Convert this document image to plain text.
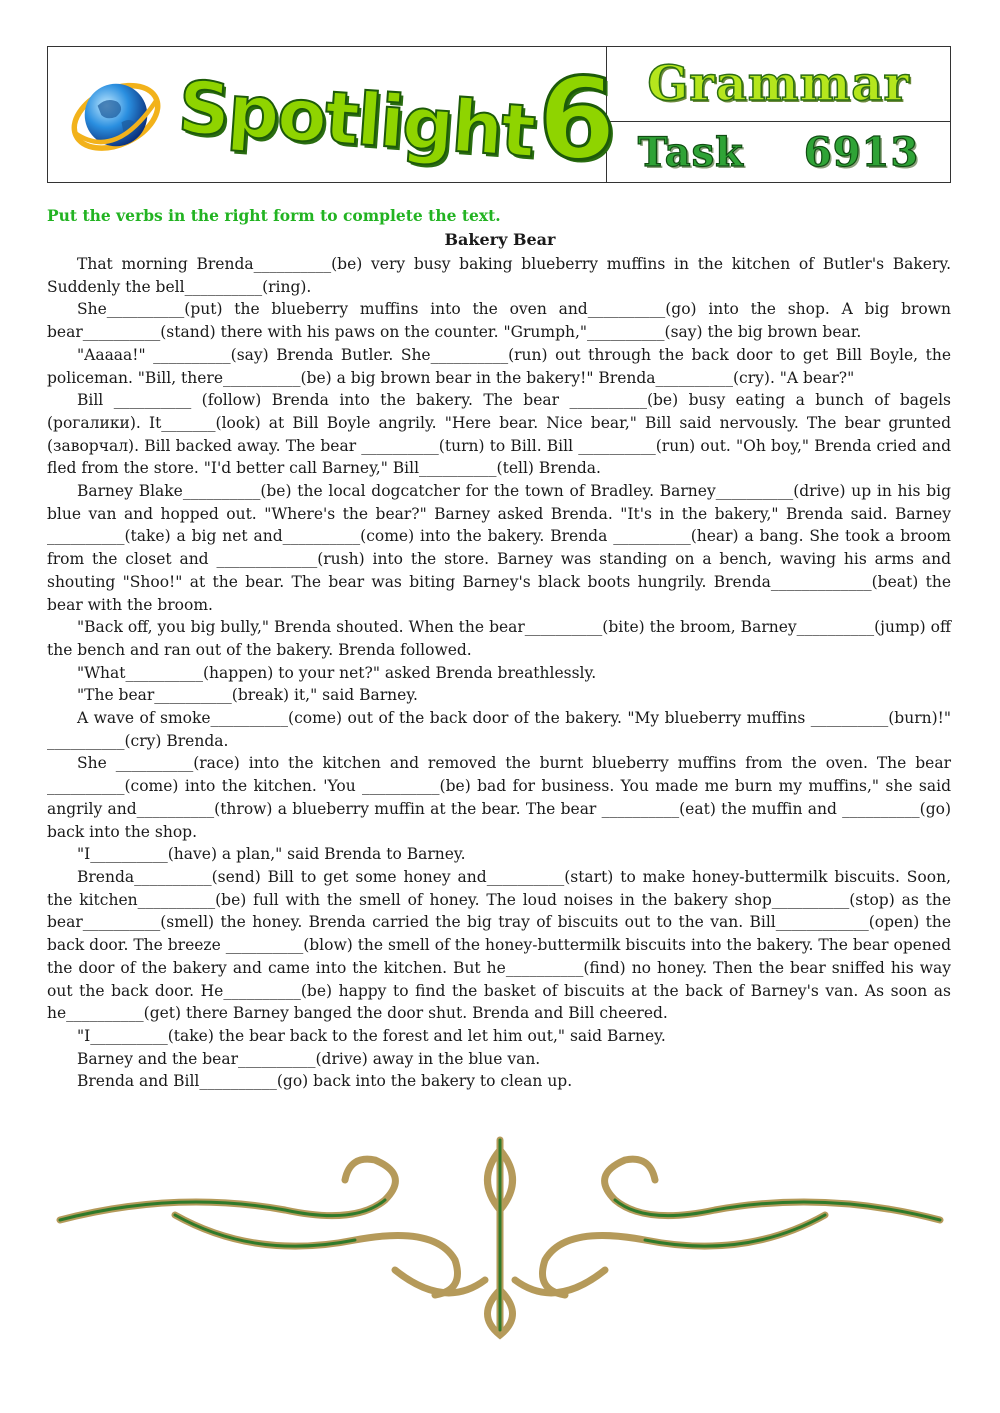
Spotlight 6 Grammar
Task 6913
Put the verbs in the right form to complete the text.
Bakery Bear

That morning Brenda__________(be) very busy baking blueberry muffins in the kitchen of Butler's Bakery. Suddenly the bell__________(ring).

She__________(put) the blueberry muffins into the oven and__________(go) into the shop. A big brown bear__________(stand) there with his paws on the counter. "Grumph,"__________(say) the big brown bear.

"Aaaaa!" __________(say) Brenda Butler. She__________(run) out through the back door to get Bill Boyle, the policeman. "Bill, there__________(be) a big brown bear in the bakery!" Brenda__________(cry). "A bear?"

Bill __________ (follow) Brenda into the bakery. The bear __________(be) busy eating a bunch of bagels (рогалики). It_______(look) at Bill Boyle angrily. "Here bear. Nice bear," Bill said nervously. The bear grunted (заворчал). Bill backed away. The bear __________(turn) to Bill. Bill __________(run) out. "Oh boy," Brenda cried and fled from the store. "I'd better call Barney," Bill__________(tell) Brenda.

Barney Blake__________(be) the local dogcatcher for the town of Bradley. Barney__________(drive) up in his big blue van and hopped out. "Where's the bear?" Barney asked Brenda. "It's in the bakery," Brenda said. Barney __________(take) a big net and__________(come) into the bakery. Brenda __________(hear) a bang. She took a broom from the closet and _____________(rush) into the store. Barney was standing on a bench, waving his arms and shouting "Shoo!" at the bear. The bear was biting Barney's black boots hungrily. Brenda_____________(beat) the bear with the broom.

"Back off, you big bully," Brenda shouted. When the bear__________(bite) the broom, Barney__________(jump) off the bench and ran out of the bakery. Brenda followed.

"What__________(happen) to your net?" asked Brenda breathlessly.

"The bear__________(break) it," said Barney.

A wave of smoke__________(come) out of the back door of the bakery. "My blueberry muffins __________(burn)!" __________(cry) Brenda.

She __________(race) into the kitchen and removed the burnt blueberry muffins from the oven. The bear __________(come) into the kitchen. 'You __________(be) bad for business. You made me burn my muffins," she said angrily and__________(throw) a blueberry muffin at the bear. The bear __________(eat) the muffin and __________(go) back into the shop.

"I__________(have) a plan," said Brenda to Barney.

Brenda__________(send) Bill to get some honey and__________(start) to make honey-buttermilk biscuits. Soon, the kitchen__________(be) full with the smell of honey. The loud noises in the bakery shop__________(stop) as the bear__________(smell) the honey. Brenda carried the big tray of biscuits out to the van. Bill____________(open) the back door. The breeze __________(blow) the smell of the honey-buttermilk biscuits into the bakery. The bear opened the door of the bakery and came into the kitchen. But he__________(find) no honey. Then the bear sniffed his way out the back door. He__________(be) happy to find the basket of biscuits at the back of Barney's van. As soon as he__________(get) there Barney banged the door shut. Brenda and Bill cheered.

"I__________(take) the bear back to the forest and let him out," said Barney.

Barney and the bear__________(drive) away in the blue van.

Brenda and Bill__________(go) back into the bakery to clean up.
